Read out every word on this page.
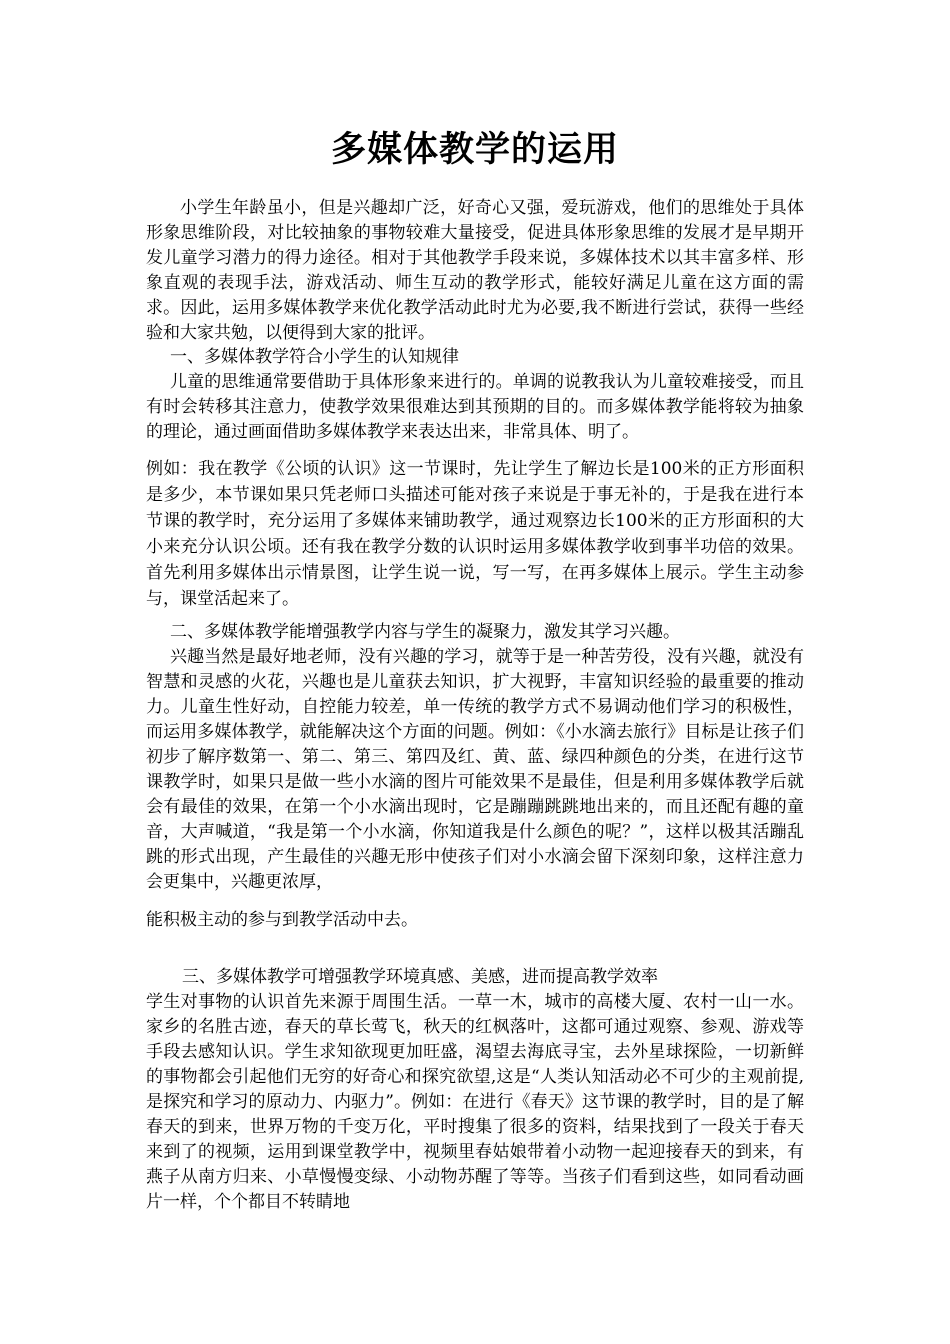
多媒体教学的运用

小学生年龄虽小，但是兴趣却广泛，好奇心又强，爱玩游戏，他们的思维处于具体形象思维阶段，对比较抽象的事物较难大量接受，促进具体形象思维的发展才是早期开发儿童学习潜力的得力途径。相对于其他教学手段来说，多媒体技术以其丰富多样、形象直观的表现手法，游戏活动、师生互动的教学形式，能较好满足儿童在这方面的需求。因此，运用多媒体教学来优化教学活动此时尤为必要,我不断进行尝试，获得一些经验和大家共勉，以便得到大家的批评。

一、多媒体教学符合小学生的认知规律

儿童的思维通常要借助于具体形象来进行的。单调的说教我认为儿童较难接受，而且有时会转移其注意力，使教学效果很难达到其预期的目的。而多媒体教学能将较为抽象的理论，通过画面借助多媒体教学来表达出来，非常具体、明了。

例如：我在教学《公顷的认识》这一节课时，先让学生了解边长是100米的正方形面积是多少，本节课如果只凭老师口头描述可能对孩子来说是于事无补的，于是我在进行本节课的教学时，充分运用了多媒体来铺助教学，通过观察边长100米的正方形面积的大小来充分认识公顷。还有我在教学分数的认识时运用多媒体教学收到事半功倍的效果。首先利用多媒体出示情景图，让学生说一说，写一写，在再多媒体上展示。学生主动参与，课堂活起来了。

二、多媒体教学能增强教学内容与学生的凝聚力，激发其学习兴趣。

兴趣当然是最好地老师，没有兴趣的学习，就等于是一种苦劳役，没有兴趣，就没有智慧和灵感的火花，兴趣也是儿童获去知识，扩大视野，丰富知识经验的最重要的推动力。儿童生性好动，自控能力较差，单一传统的教学方式不易调动他们学习的积极性，而运用多媒体教学，就能解决这个方面的问题。例如：《小水滴去旅行》目标是让孩子们初步了解序数第一、第二、第三、第四及红、黄、蓝、绿四种颜色的分类，在进行这节课教学时，如果只是做一些小水滴的图片可能效果不是最佳，但是利用多媒体教学后就会有最佳的效果，在第一个小水滴出现时，它是蹦蹦跳跳地出来的，而且还配有趣的童音，大声喊道，“我是第一个小水滴，你知道我是什么颜色的呢？”，这样以极其活蹦乱跳的形式出现，产生最佳的兴趣无形中使孩子们对小水滴会留下深刻印象，这样注意力会更集中，兴趣更浓厚，

能积极主动的参与到教学活动中去。

三、多媒体教学可增强教学环境真感、美感，进而提高教学效率

学生对事物的认识首先来源于周围生活。一草一木，城市的高楼大厦、农村一山一水。家乡的名胜古迹，春天的草长莺飞，秋天的红枫落叶，这都可通过观察、参观、游戏等手段去感知认识。学生求知欲现更加旺盛，渴望去海底寻宝，去外星球探险，一切新鲜的事物都会引起他们无穷的好奇心和探究欲望,这是“人类认知活动必不可少的主观前提,是探究和学习的原动力、内驱力”。例如：在进行《春天》这节课的教学时，目的是了解春天的到来，世界万物的千变万化，平时搜集了很多的资料，结果找到了一段关于春天来到了的视频，运用到课堂教学中，视频里春姑娘带着小动物一起迎接春天的到来，有燕子从南方归来、小草慢慢变绿、小动物苏醒了等等。当孩子们看到这些，如同看动画片一样，个个都目不转睛地
